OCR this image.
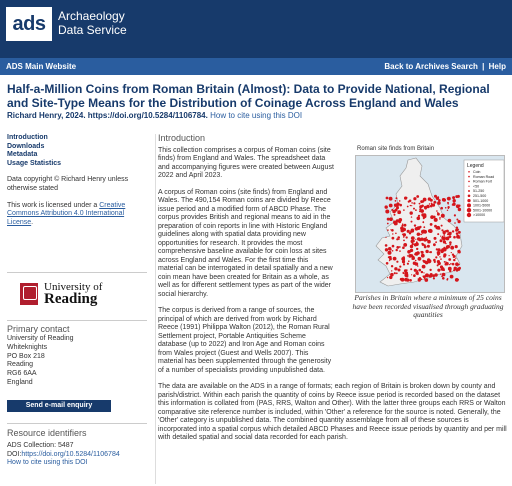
ads	Archaeology
Data Service
ADS Main Website	Back to Archives Search | Help
Half-a-Million Coins from Roman Britain (Almost): Data to Provide National, Regional
and Site-Type Means for the Distribution of Coinage Across England and Wales
Richard Henry, 2024. https://doi.org/10.5284/1106784. How to cite using this DOI
Introduction
Downloads
Metadata
Usage Statistics
Data copyright © Richard Henry unless otherwise stated
This work is licensed under a Creative Commons Attribution 4.0 International License.
University of
Reading
Primary contact
University of Reading
Whiteknights
PO Box 218
Reading
RG6 6AA
England
Send e-mail enquiry
Resource identifiers
ADS Collection: 5487
DOI:https://doi.org/10.5284/1106784
How to cite using this DOI
Introduction

This collection comprises a corpus of Roman coins (site finds) from England and Wales. The spreadsheet data and accompanying figures were created between August 2022 and April 2023.

A corpus of Roman coins (site finds) from England and Wales. The 490,154 Roman coins are divided by Reece issue period and a modified form of ABCD Phase. The corpus provides British and regional means to aid in the preparation of coin reports in line with Historic England guidelines along with spatial data providing new opportunities for research. It provides the most comprehensive baseline available for coin loss at sites across England and Wales. For the first time this material can be interrogated in detail spatially and a new coin mean have been created for Britain as a whole, as well as for different settlement types as part of the wider social hierarchy.

The corpus is derived from a range of sources, the principal of which are derived from work by Richard Reece (1991) Philippa Walton (2012), the Roman Rural Settlement project, Portable Antiquities Scheme database (up to 2022) and Iron Age and Roman coins from Wales project (Guest and Wells 2007). This material has been supplemented through the generosity of a number of specialists providing unpublished data.

The data are available on the ADS in a range of formats; each region of Britain is broken down by county and parish/district. Within each parish the quantity of coins by Reece issue period is recorded based on the dataset this information is collated from (PAS, RRS, Walton and Other). With the latter three groups each RRS or Walton comparative site reference number is included, within 'Other' a reference for the source is noted. Generally, the 'Other' category is unpublished data. The combined quantity assemblage from all of these sources is incorporated into a spatial corpus which detailed ABCD Phases and Reece issue periods by quantity and per mill with detailed spatial and social data recorded for each parish.

Roman site finds from Britain
Legend
Coin
Roman Road
Roman Fort
<50
51-250
251-500
501-1000
1001-5000
5001-10000
>10000
Parishes in Britain where a minimum of 25 coins have been recorded visualised through graduating quantities
